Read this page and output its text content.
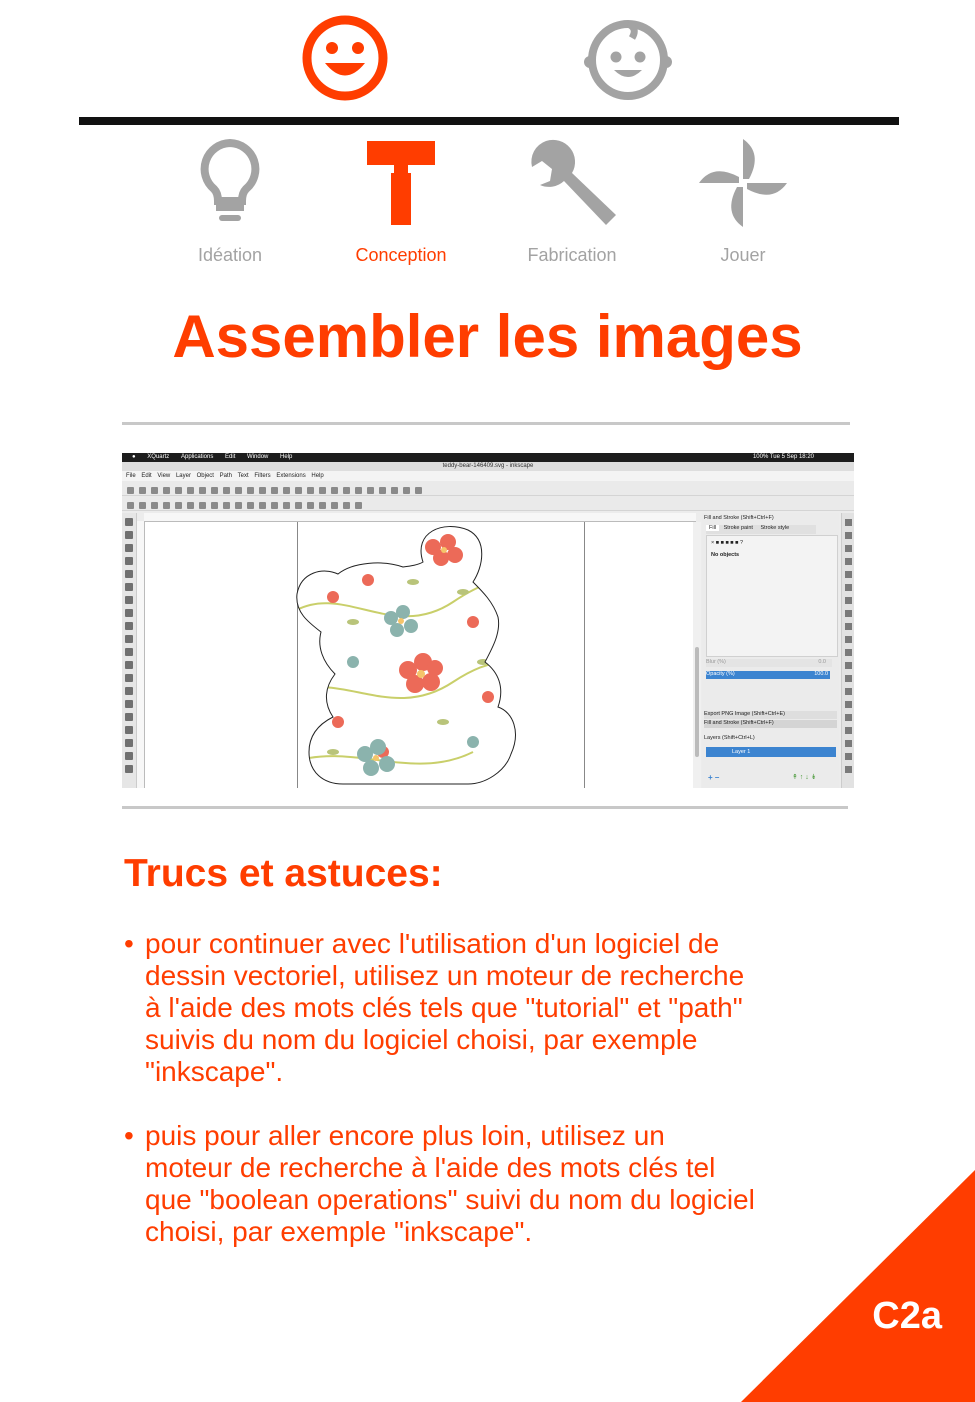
Idéation	Conception	Fabrication	Jouer
Assembler les images
● XQuartz Applications Edit Window Help	100% Tue 5 Sep 18:20
teddy-bear-146409.svg - inkscape
File Edit View Layer Object Path Text Filters Extensions Help
Fill and Stroke (Shift+Ctrl+F)
Fill Stroke paint Stroke style
× ■ ■ ■ ■ ■ ?
No objects
Blur (%)	0.0
Opacity (%)	100.0
Export PNG Image (Shift+Ctrl+E)
Fill and Stroke (Shift+Ctrl+F)
Layers (Shift+Ctrl+L)
Layer 1
+ –	↟ ↑ ↓ ↡
Trucs et astuces:
• pour continuer avec l'utilisation d'un logiciel de
dessin vectoriel, utilisez un moteur de recherche
à l'aide des mots clés tels que "tutorial" et "path"
suivis du nom du logiciel choisi, par exemple
"inkscape".
• puis pour aller encore plus loin, utilisez un
moteur de recherche à l'aide des mots clés tel
que "boolean operations" suivi du nom du logiciel
choisi, par exemple "inkscape".
C2a
